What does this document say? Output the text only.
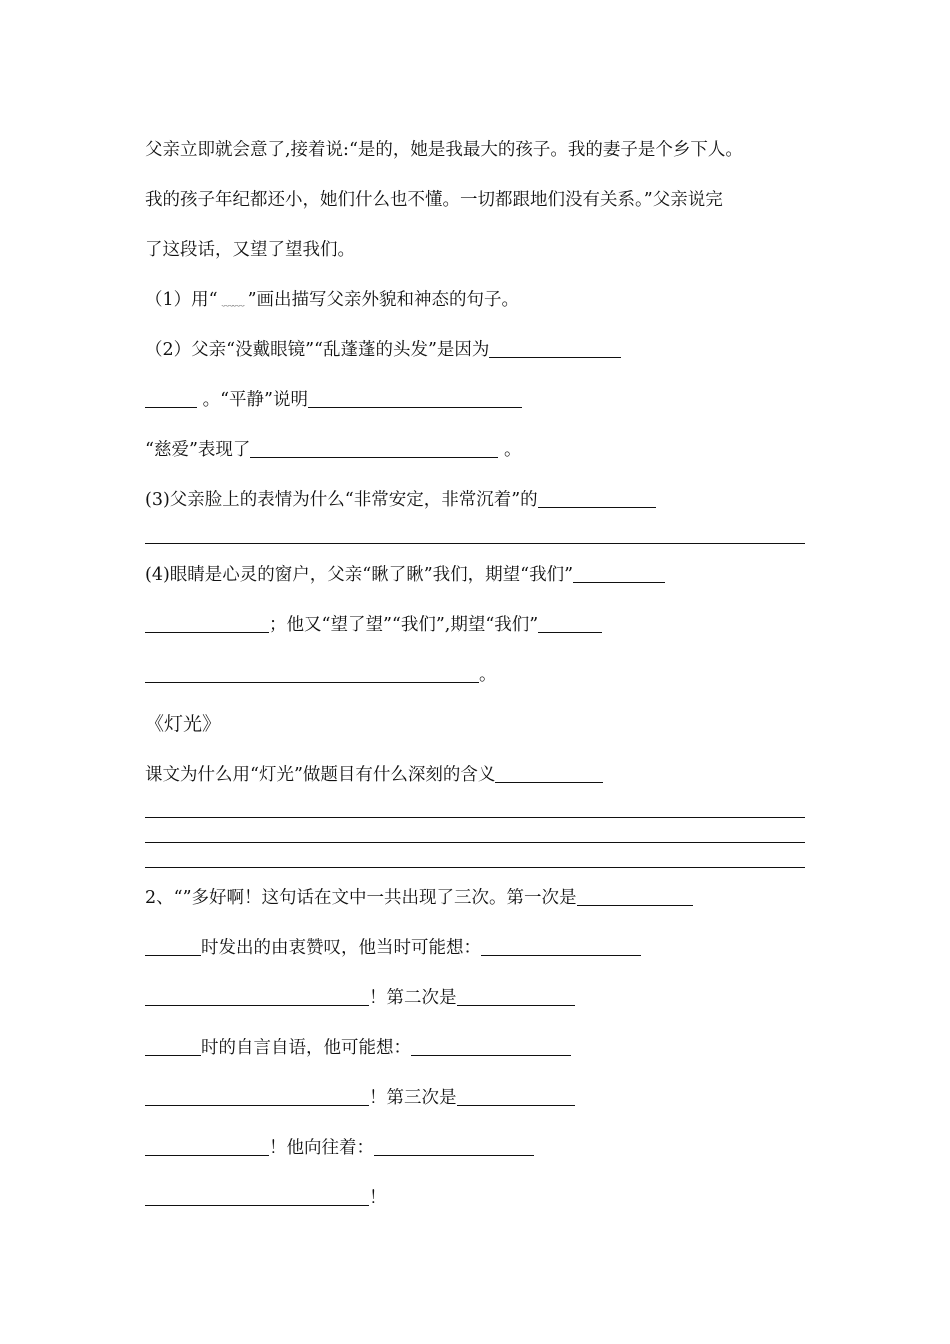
父亲立即就会意了,接着说:“是的，她是我最大的孩子。我的妻子是个乡下人。
我的孩子年纪都还小，她们什么也不懂。一切都跟地们没有关系。”父亲说完
了这段话，又望了望我们。
（1）用“ ﹏﹏ ”画出描写父亲外貌和神态的句子。
（2）父亲“没戴眼镜”“乱蓬蓬的头发”是因为
。“平静”说明
“慈爱”表现了	。
(3)父亲脸上的表情为什么“非常安定，非常沉着”的
(4)眼睛是心灵的窗户，父亲“瞅了瞅”我们，期望“我们”
；他又“望了望”“我们”,期望“我们”
。
《灯光》
课文为什么用“灯光”做题目有什么深刻的含义
2、“”多好啊！这句话在文中一共出现了三次。第一次是
时发出的由衷赞叹，他当时可能想：
！第二次是
时的自言自语，他可能想：
！第三次是
！他向往着：
！
